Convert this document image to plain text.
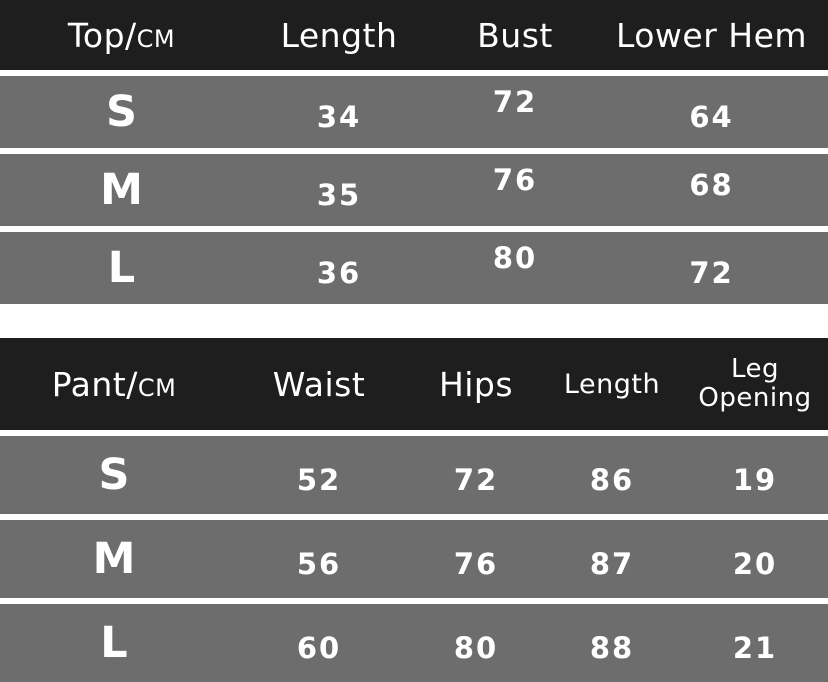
Top/CM	Length	Bust	Lower Hem

S	34	72	64

M	35	76	68

L	36	80	72
Pant/CM	Waist	Hips	Length	Leg
Opening

S	52	72	86	19

M	56	76	87	20

L	60	80	88	21
